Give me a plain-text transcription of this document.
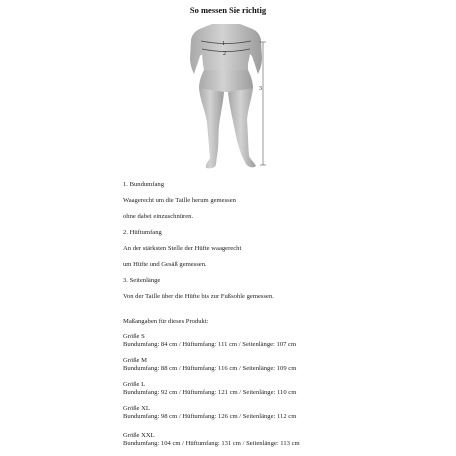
So messen Sie richtig
1
2
3
1. Bundumfang
Waagerecht um die Taille herum gemessen
ohne dabei einzuschnüren.
2. Hüftumfang
An der stärksten Stelle der Hüfte waagerecht
um Hüfte und Gesäß gemessen.
3. Seitenlänge
Von der Taille über die Hüfte bis zur Fußsohle gemessen.
Maßangaben für dieses Produkt:
Größe S
Bundumfang: 84 cm / Hüftumfang: 111 cm / Seitenlänge: 107 cm
Größe M
Bundumfang: 88 cm / Hüftumfang: 116 cm / Seitenlänge: 109 cm
Größe L
Bundumfang: 92 cm / Hüftumfang: 121 cm / Seitenlänge: 110 cm
Größe XL
Bundumfang: 98 cm / Hüftumfang: 126 cm / Seitenlänge: 112 cm
Größe XXL
Bundumfang: 104 cm / Hüftumfang: 131 cm / Seitenlänge: 113 cm
